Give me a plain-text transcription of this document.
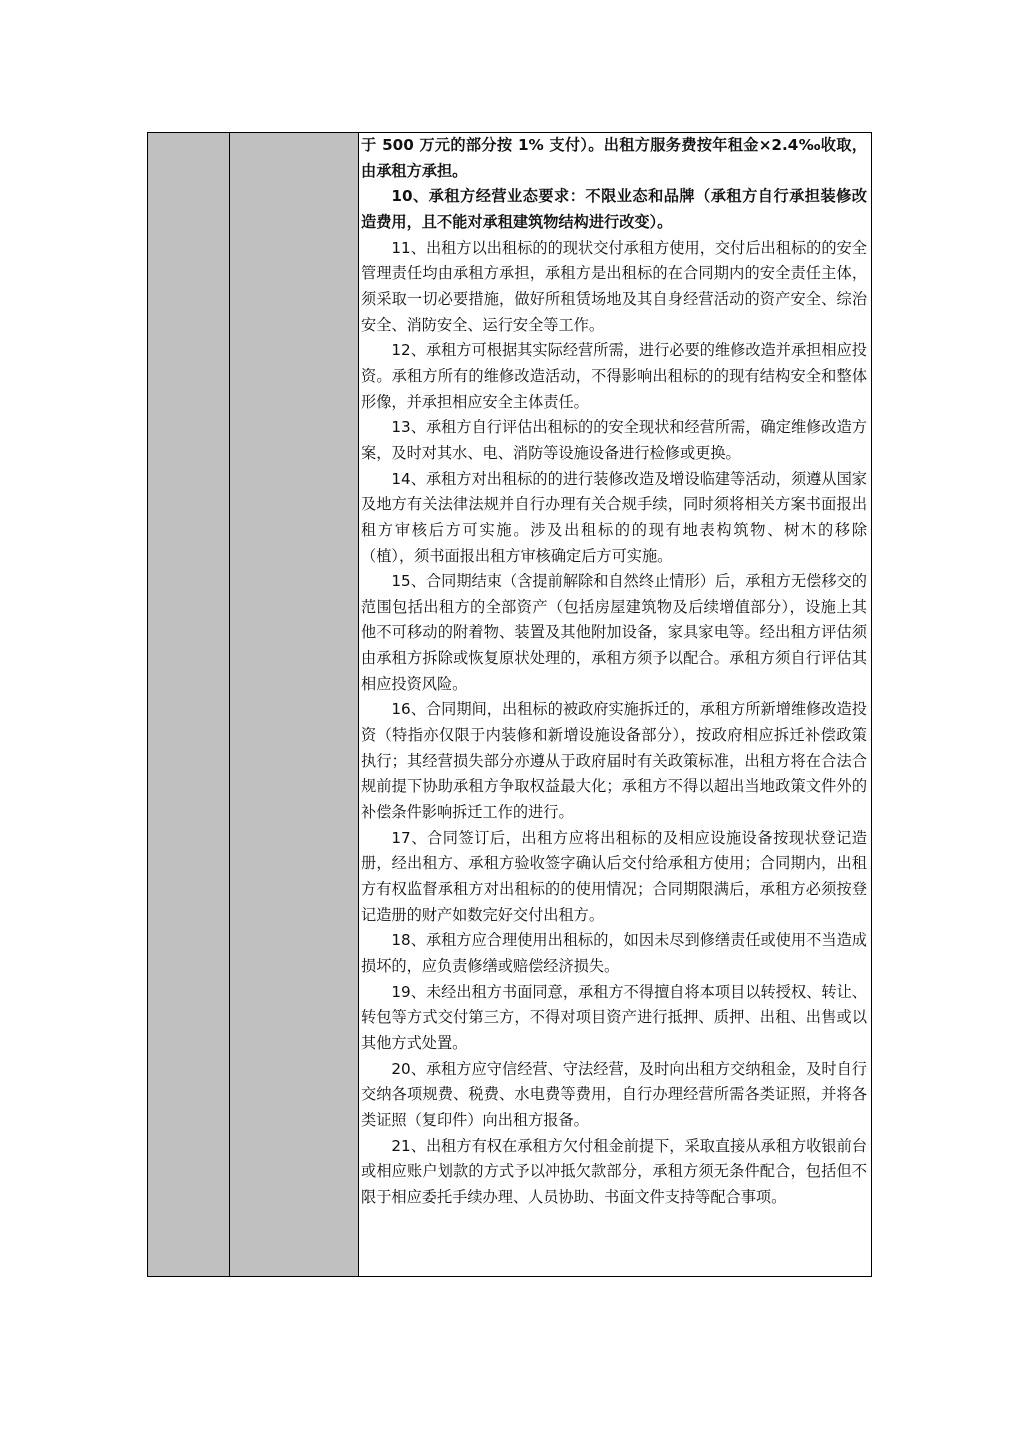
于 500 万元的部分按 1% 支付）。出租方服务费按年租金×2.4‰收取，由承租方承担。

10、承租方经营业态要求：不限业态和品牌（承租方自行承担装修改造费用，且不能对承租建筑物结构进行改变）。

11、出租方以出租标的的现状交付承租方使用，交付后出租标的的安全管理责任均由承租方承担，承租方是出租标的在合同期内的安全责任主体，须采取一切必要措施，做好所租赁场地及其自身经营活动的资产安全、综治安全、消防安全、运行安全等工作。

12、承租方可根据其实际经营所需，进行必要的维修改造并承担相应投资。承租方所有的维修改造活动，不得影响出租标的的现有结构安全和整体形像，并承担相应安全主体责任。

13、承租方自行评估出租标的的安全现状和经营所需，确定维修改造方案，及时对其水、电、消防等设施设备进行检修或更换。

14、承租方对出租标的的进行装修改造及增设临建等活动，须遵从国家及地方有关法律法规并自行办理有关合规手续，同时须将相关方案书面报出租方审核后方可实施。涉及出租标的的现有地表构筑物、树木的移除（植），须书面报出租方审核确定后方可实施。

15、合同期结束（含提前解除和自然终止情形）后，承租方无偿移交的范围包括出租方的全部资产（包括房屋建筑物及后续增值部分），设施上其他不可移动的附着物、装置及其他附加设备，家具家电等。经出租方评估须由承租方拆除或恢复原状处理的，承租方须予以配合。承租方须自行评估其相应投资风险。

16、合同期间，出租标的被政府实施拆迁的，承租方所新增维修改造投资（特指亦仅限于内装修和新增设施设备部分），按政府相应拆迁补偿政策执行；其经营损失部分亦遵从于政府届时有关政策标准，出租方将在合法合规前提下协助承租方争取权益最大化；承租方不得以超出当地政策文件外的补偿条件影响拆迁工作的进行。

17、合同签订后，出租方应将出租标的及相应设施设备按现状登记造册，经出租方、承租方验收签字确认后交付给承租方使用；合同期内，出租方有权监督承租方对出租标的的使用情况；合同期限满后，承租方必须按登记造册的财产如数完好交付出租方。

18、承租方应合理使用出租标的，如因未尽到修缮责任或使用不当造成损坏的，应负责修缮或赔偿经济损失。

19、未经出租方书面同意，承租方不得擅自将本项目以转授权、转让、转包等方式交付第三方，不得对项目资产进行抵押、质押、出租、出售或以其他方式处置。

20、承租方应守信经营、守法经营，及时向出租方交纳租金，及时自行交纳各项规费、税费、水电费等费用，自行办理经营所需各类证照，并将各类证照（复印件）向出租方报备。

21、出租方有权在承租方欠付租金前提下，采取直接从承租方收银前台或相应账户划款的方式予以冲抵欠款部分，承租方须无条件配合，包括但不限于相应委托手续办理、人员协助、书面文件支持等配合事项。
